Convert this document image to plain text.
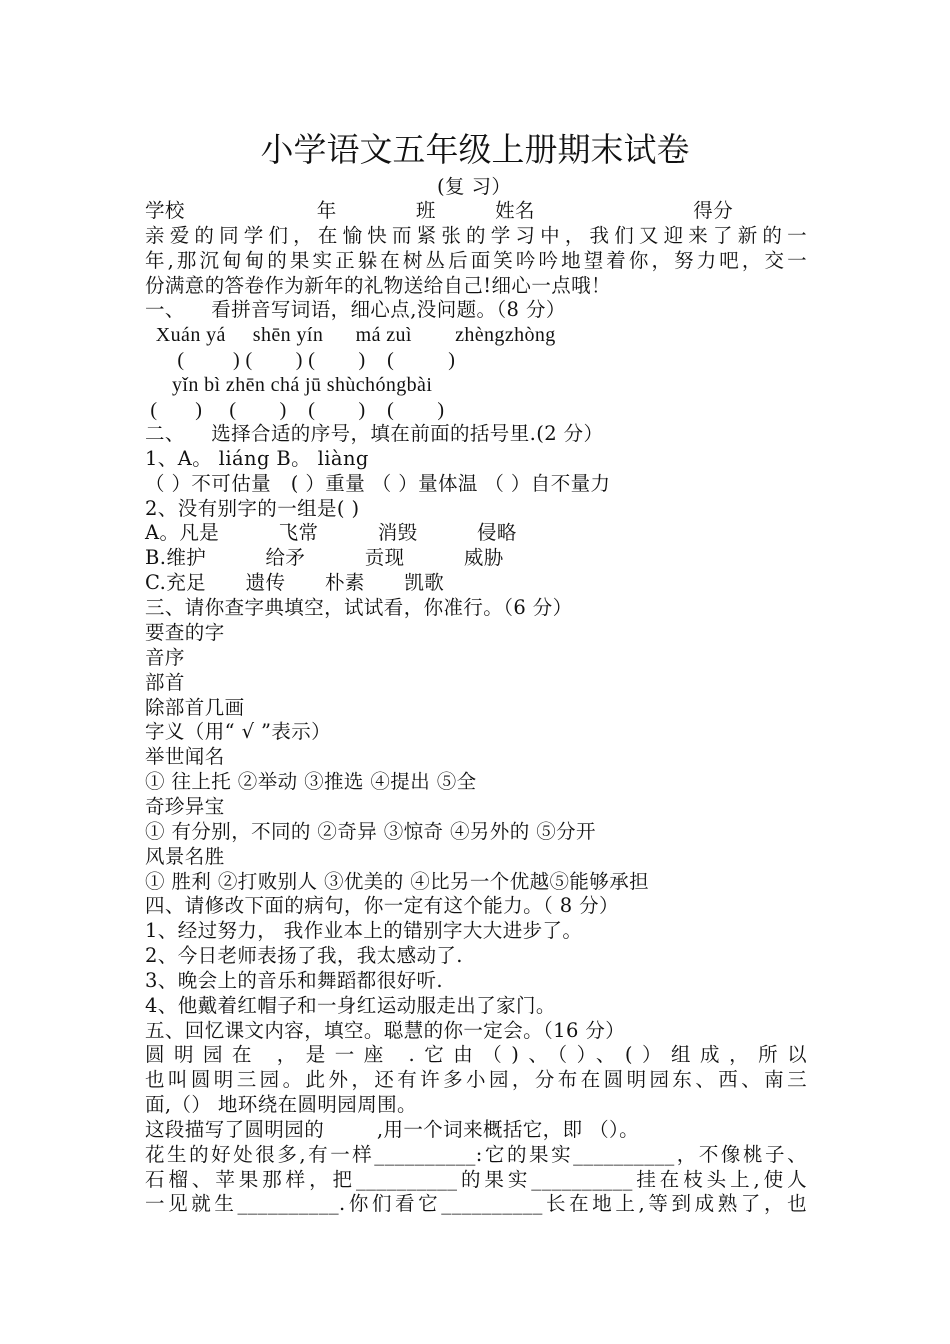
小学语文五年级上册期末试卷
(复 习）
学校                    年            班         姓名                        得分
亲爱的同学们，在愉快而紧张的学习中，我们又迎来了新的一
年,那沉甸甸的果实正躲在树丛后面笑吟吟地望着你，努力吧，交一
份满意的答卷作为新年的礼物送给自己!细心一点哦！
一、    看拼音写词语，细心点,没问题。（8 分）
Xuán yá     shēn yín      má zuì        zhèngzhòng
(         ) (        ) (        )    (          )
yǐn bì zhēn chá jū shùchóngbài
(       )     (        )    (        )    (        )
二、    选择合适的序号，填在前面的括号里.(2 分）
1、A。 liáng B。 liàng
（ ）不可估量   ( ）重量 （ ）量体温 （ ）自不量力
2、没有别字的一组是( )
A。凡是         飞常         消毁         侵略
B.维护         给矛         贡现         威胁
C.充足      遗传      朴素      凯歌
三、请你查字典填空，试试看，你准行。（6 分）
要查的字
音序
部首
除部首几画
字义（用“ √ ”表示）
举世闻名
① 往上托 ②举动 ③推选 ④提出 ⑤全
奇珍异宝
① 有分别，不同的 ②奇异 ③惊奇 ④另外的 ⑤分开
风景名胜
① 胜利 ②打败别人 ③优美的 ④比另一个优越⑤能够承担
四、请修改下面的病句，你一定有这个能力。（ 8 分）
1、经过努力， 我作业本上的错别字大大进步了。
2、今日老师表扬了我，我太感动了.
3、晚会上的音乐和舞蹈都很好听.
4、他戴着红帽子和一身红运动服走出了家门。
五、回忆课文内容，填空。聪慧的你一定会。（16 分）
圆明园在 ，是一座 .它由（)、（）、(）组成，所以
也叫圆明三园。此外，还有许多小园，分布在圆明园东、西、南三
面,（） 地环绕在圆明园周围。
这段描写了圆明园的        ,用一个词来概括它，即 （）。
花生的好处很多,有一样__________:它的果实__________，不像桃子、
石榴、苹果那样，把__________的果实__________挂在枝头上,使人
一见就生__________.你们看它__________长在地上,等到成熟了，也
